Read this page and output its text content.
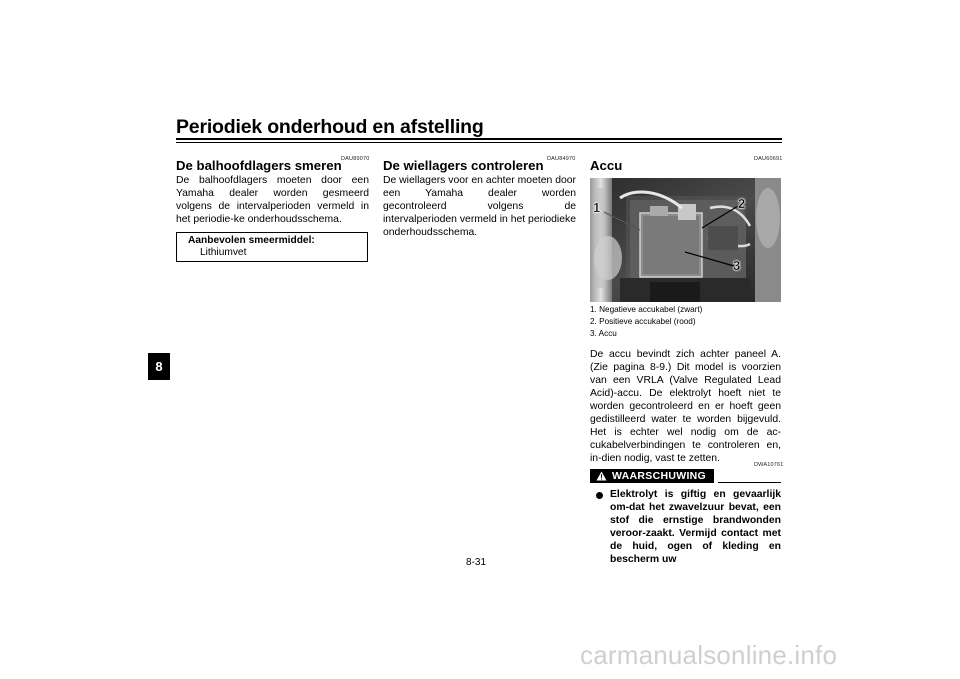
Periodiek onderhoud en afstelling
8
DAU89070
De balhoofdlagers smeren
De balhoofdlagers moeten door een Yamaha dealer worden gesmeerd volgens de intervalperioden vermeld in het periodie-ke onderhoudsschema.
Aanbevolen smeermiddel:
Lithiumvet
DAU84970
De wiellagers controleren
De wiellagers voor en achter moeten door een Yamaha dealer worden gecontroleerd volgens de intervalperioden vermeld in het periodieke onderhoudsschema.
DAU60691
Accu
1	2
3
1. Negatieve accukabel (zwart)
2. Positieve accukabel (rood)
3. Accu
De accu bevindt zich achter paneel A. (Zie pagina 8-9.) Dit model is voorzien van een VRLA (Valve Regulated Lead Acid)-accu. De elektrolyt hoeft niet te worden gecontroleerd en er hoeft geen gedistilleerd water te worden bijgevuld. Het is echter wel nodig om de ac-cukabelverbindingen te controleren en, in-dien nodig, vast te zetten.
DWA10761
WAARSCHUWING
Elektrolyt is giftig en gevaarlijk om-dat het zwavelzuur bevat, een stof die ernstige brandwonden veroor-zaakt. Vermijd contact met de huid, ogen of kleding en bescherm uw
8-31
carmanualsonline.info
